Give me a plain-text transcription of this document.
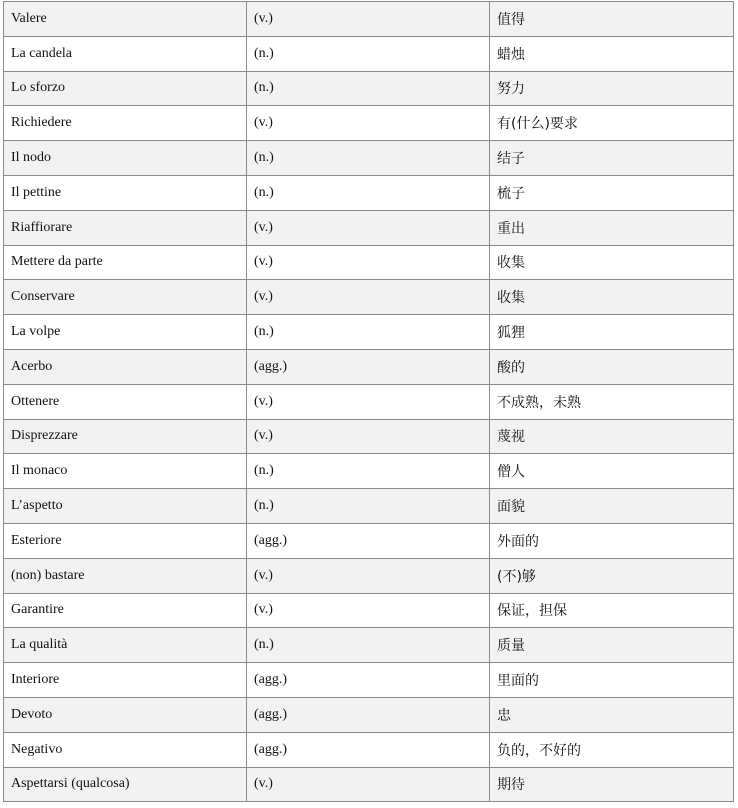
Valere	(v.)	值得
La candela	(n.)	蜡烛
Lo sforzo	(n.)	努力
Richiedere	(v.)	有(什么)要求
Il nodo	(n.)	结子
Il pettine	(n.)	梳子
Riaffiorare	(v.)	重出
Mettere da parte	(v.)	收集
Conservare	(v.)	收集
La volpe	(n.)	狐狸
Acerbo	(agg.)	酸的
Ottenere	(v.)	不成熟，未熟
Disprezzare	(v.)	蔑视
Il monaco	(n.)	僧人
L’aspetto	(n.)	面貌
Esteriore	(agg.)	外面的
(non) bastare	(v.)	(不)够
Garantire	(v.)	保证，担保
La qualità	(n.)	质量
Interiore	(agg.)	里面的
Devoto	(agg.)	忠
Negativo	(agg.)	负的，不好的
Aspettarsi (qualcosa)	(v.)	期待
